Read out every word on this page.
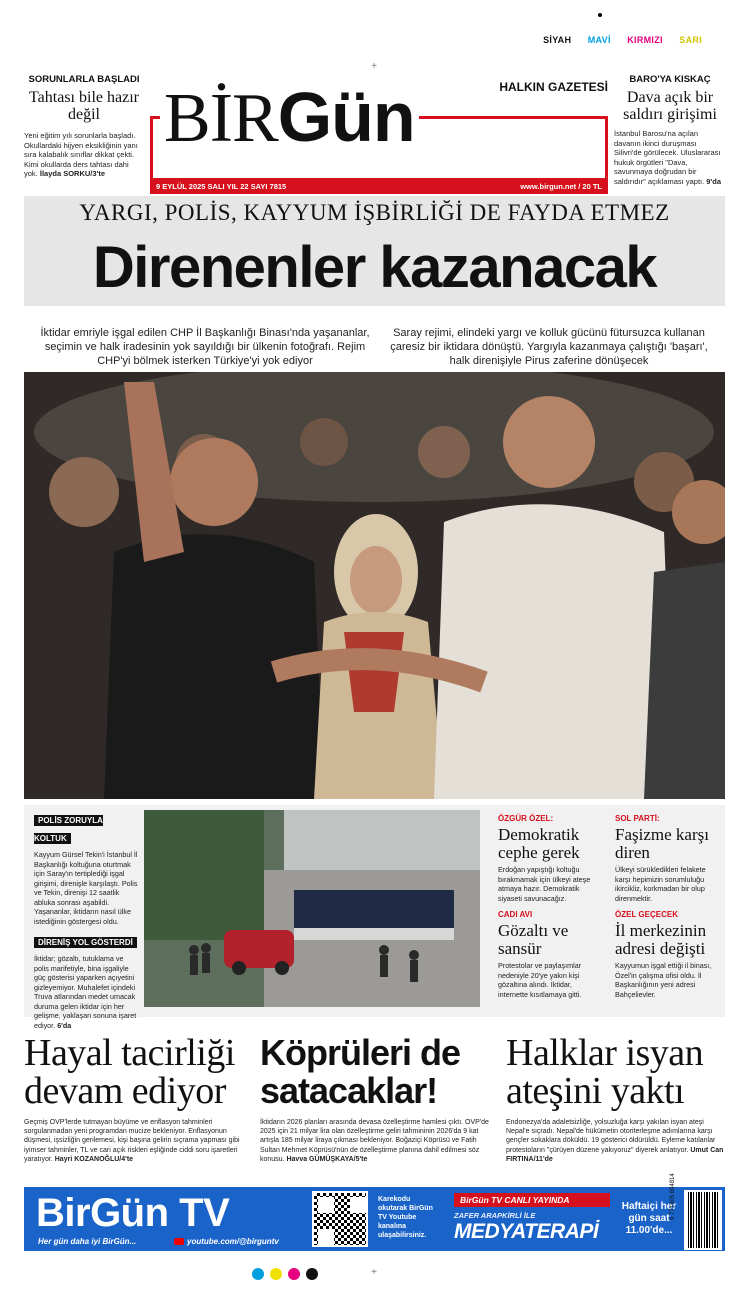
SİYAH MAVİ KIRMIZI SARI
+
SORUNLARLA BAŞLADI
Tahtası bile hazır değil
Yeni eğitim yılı sorunlarla başladı. Okullardaki hijyen eksikliğinin yanı sıra kalabalık sınıflar dikkat çekti. Kimi okullarda ders tahtası dahi yok. İlayda SORKU/3'te
BARO'YA KISKAÇ
Dava açık bir saldırı girişimi
İstanbul Barosu'na açılan davanın ikinci duruşması Silivri'de görülecek. Uluslararası hukuk örgütleri "Dava, savunmaya doğrudan bir saldırıdır" açıklaması yaptı. 9'da
BİRGün	HALKIN GAZETESİ
9 EYLÜL 2025 SALI YIL 22 SAYI 7815	www.birgun.net / 20 TL
YARGI, POLİS, KAYYUM İŞBİRLİĞİ DE FAYDA ETMEZ
Direnenler kazanacak
İktidar emriyle işgal edilen CHP İl Başkanlığı Binası'nda yaşananlar, seçimin ve halk iradesinin yok sayıldığı bir ülkenin fotoğrafı. Rejim CHP'yi bölmek isterken Türkiye'yi yok ediyor
Saray rejimi, elindeki yargı ve kolluk gücünü fütursuzca kullanan çaresiz bir iktidara dönüştü. Yargıyla kazanmaya çalıştığı 'başarı', halk direnişiyle Pirus zaferine dönüşecek
POLİS ZORUYLA KOLTUK
Kayyum Gürsel Tekin'i İstanbul İl Başkanlığı koltuğuna oturtmak için Saray'ın tertiplediği işgal girişimi, direnişle karşılaştı. Polis ve Tekin, direnişi 12 saatlik abluka sonrası aşabildi. Yaşananlar, iktidarın nasıl ülke istediğinin göstergesi oldu.
DİRENİŞ YOL GÖSTERDİ
İktidar; gözaltı, tutuklama ve polis marifetiyle, bina işgaliyle güç gösterisi yaparken açıyetini gizleyemiyor. Muhalefet içindeki Truva atlarından medet umacak duruma gelen iktidar için her gelişme, yaklaşan sonuna işaret ediyor. 6'da
ÖZGÜR ÖZEL:
Demokratik cephe gerek
Erdoğan yapıştığı koltuğu bırakmamak için ülkeyi ateşe atmaya hazır. Demokratik siyaseti savunacağız.
SOL PARTİ:
Faşizme karşı diren
Ülkeyi sürükledikleri felakete karşı hepimizin sorumluluğu ikircikliz, korkmadan bir olup direnmektir.
CADI AVI
Gözaltı ve sansür
Protestolar ve paylaşımlar nedeniyle 20'ye yakın kişi gözaltına alındı. İktidar, internette kısıtlamaya gitti.
ÖZEL GEÇECEK
İl merkezinin adresi değişti
Kayyumun işgal ettiği il binası, Özel'in çalışma ofisi oldu. İl Başkanlığının yeni adresi Bahçelievler.
Hayal tacirliği devam ediyor
Geçmiş OVP'lerde tutmayan büyüme ve enflasyon tahminleri sorgulanmadan yeni programdan mucize bekleniyor. Enflasyonun düşmesi, işsizliğin gerilemesi, kişi başına gelirin sıçrama yapması gibi iyimser tahminler, TL ve cari açık riskleri eşliğinde ciddi soru işaretleri yaratıyor. Hayri KOZANOĞLU/4'te
Köprüleri de satacaklar!
İktidarın 2026 planları arasında devasa özelleştirme hamlesi çıktı. OVP'de 2025 için 21 milyar lira olan özelleştirme geliri tahmininin 2026'da 9 kat artışla 185 milyar liraya çıkması bekleniyor. Boğaziçi Köprüsü ve Fatih Sultan Mehmet Köprüsü'nün de özelleştirme planına dahil edilmesi söz konusu. Havva GÜMÜŞKAYA/5'te
Halklar isyan ateşini yaktı
Endonezya'da adaletsizliğe, yolsuzluğa karşı yakılan isyan ateşi Nepal'e sıçradı. Nepal'de hükümetin otoriterleşme adımlarına karşı gençler sokaklara döküldü. 19 gösterici öldürüldü. Eyleme katılanlar protestoların "çürüyen düzene yakıyoruz" diyerek anlatıyor. Umut Can FIRTINA/11'de
BirGün TV
Her gün daha iyi BirGün...	youtube.com/@birguntv
Karekodu okutarak BirGün TV Youtube kanalına ulaşabilirsiniz.
BirGün TV CANLI YAYINDA
ZAFER ARAPKİRLİ İLE
MEDYATERAPİ
Haftaiçi her gün saat 11.00'de...
9 771305 694814
+
